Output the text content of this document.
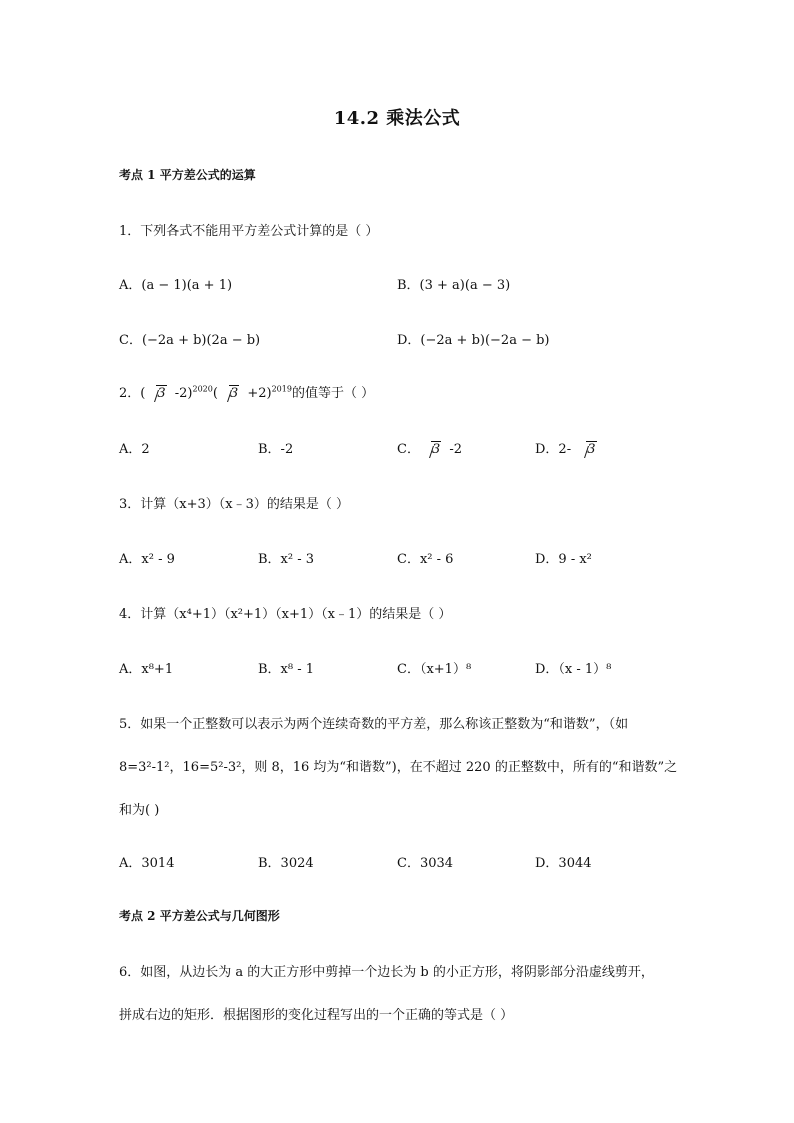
14.2 乘法公式
考点 1 平方差公式的运算
1．下列各式不能用平方差公式计算的是（ ）
A．(a − 1)(a + 1)	B．(3 + a)(a − 3)
C．(−2a + b)(2a − b)	D．(−2a + b)(−2a − b)
2．( 3 -2)$^{2020}$( 3 +2)$^{2019}$的值等于（ ）
A．2	B．-2	C． 3 -2	D．2- 3
3．计算（x+3）（x﹣3）的结果是（ ）
A．x² - 9	B．x² - 3	C．x² - 6	D．9 - x²
4．计算（x⁴+1）（x²+1）（x+1）（x﹣1）的结果是（ ）
A．x⁸+1	B．x⁸ - 1	C．（x+1）⁸	D．（x - 1）⁸
5．如果一个正整数可以表示为两个连续奇数的平方差，那么称该正整数为“和谐数”，（如
8=3²-1²，16=5²-3²，则 8，16 均为“和谐数”)，在不超过 220 的正整数中，所有的“和谐数”之
和为( )
A．3014	B．3024	C．3034	D．3044
考点 2 平方差公式与几何图形
6．如图，从边长为 a 的大正方形中剪掉一个边长为 b 的小正方形，将阴影部分沿虚线剪开，
拼成右边的矩形．根据图形的变化过程写出的一个正确的等式是（ ）
